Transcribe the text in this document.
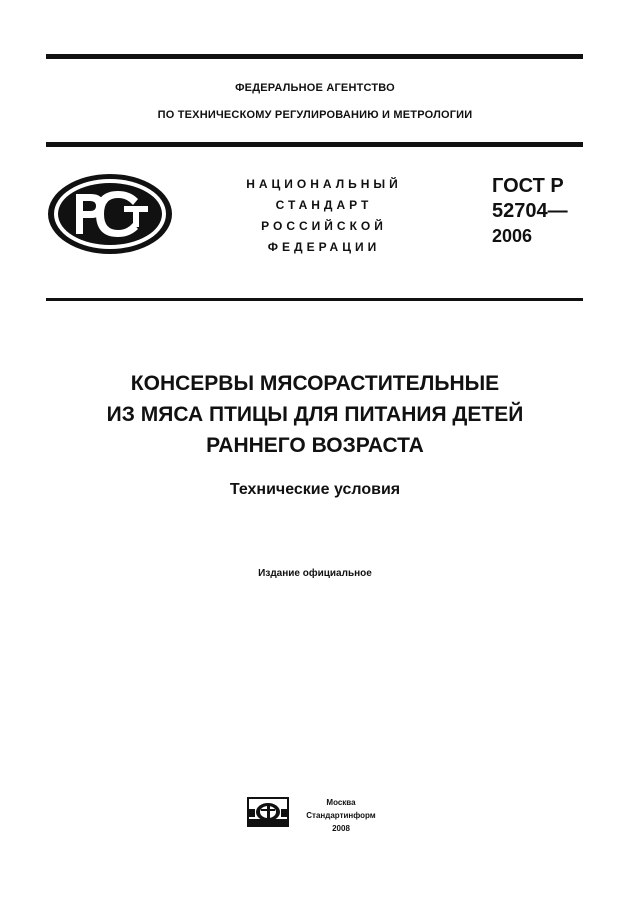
ФЕДЕРАЛЬНОЕ АГЕНТСТВО
ПО ТЕХНИЧЕСКОМУ РЕГУЛИРОВАНИЮ И МЕТРОЛОГИИ
НАЦИОНАЛЬНЫЙ
СТАНДАРТ
РОССИЙСКОЙ
ФЕДЕРАЦИИ
ГОСТ Р
52704—
2006
КОНСЕРВЫ МЯСОРАСТИТЕЛЬНЫЕ
ИЗ МЯСА ПТИЦЫ ДЛЯ ПИТАНИЯ ДЕТЕЙ
РАННЕГО ВОЗРАСТА
Технические условия
Издание официальное
Москва
Стандартинформ
2008
